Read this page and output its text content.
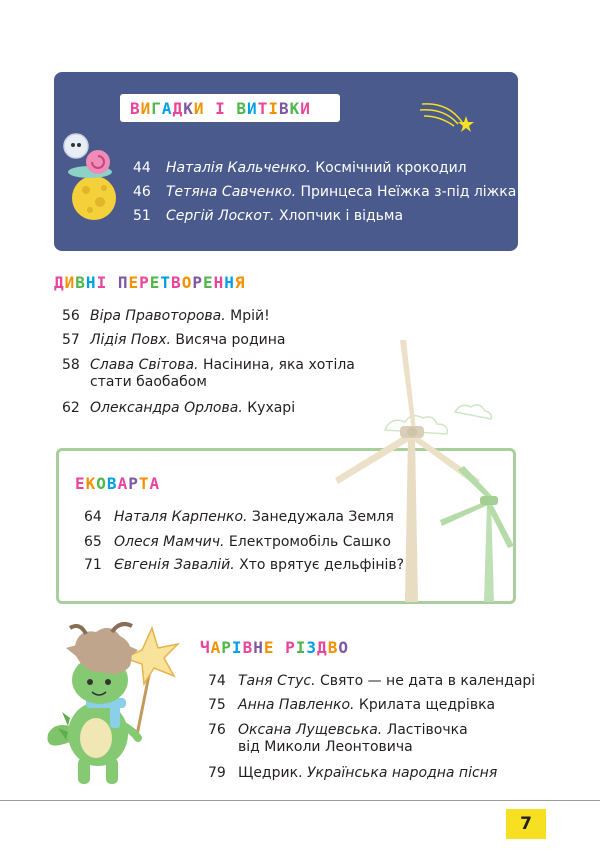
ВИГАДКИ І ВИТІВКИ
44	Наталія Кальченко. Космічний крокодил
46	Тетяна Савченко. Принцеса Неїжка з-під ліжка
51	Сергій Лоскот. Хлопчик і відьма
ДИВНІ ПЕРЕТВОРЕННЯ
56 Віра Правоторова. Мрій!
57 Лідія Повх. Висяча родина
58 Слава Світова. Насінина, яка хотіла
стати баобабом
62 Олександра Орлова. Кухарі
ЕКОВАРТА
64 Наталя Карпенко. Занедужала Земля
65 Олеся Мамчич. Електромобіль Сашко
71 Євгенія Завалій. Хто врятує дельфінів?
ЧАРІВНЕ РІЗДВО
74 Таня Стус. Свято — не дата в календарі
75 Анна Павленко. Крилата щедрівка
76 Оксана Лущевська. Ластівочка
від Миколи Леонтовича
79 Щедрик. Українська народна пісня
7
